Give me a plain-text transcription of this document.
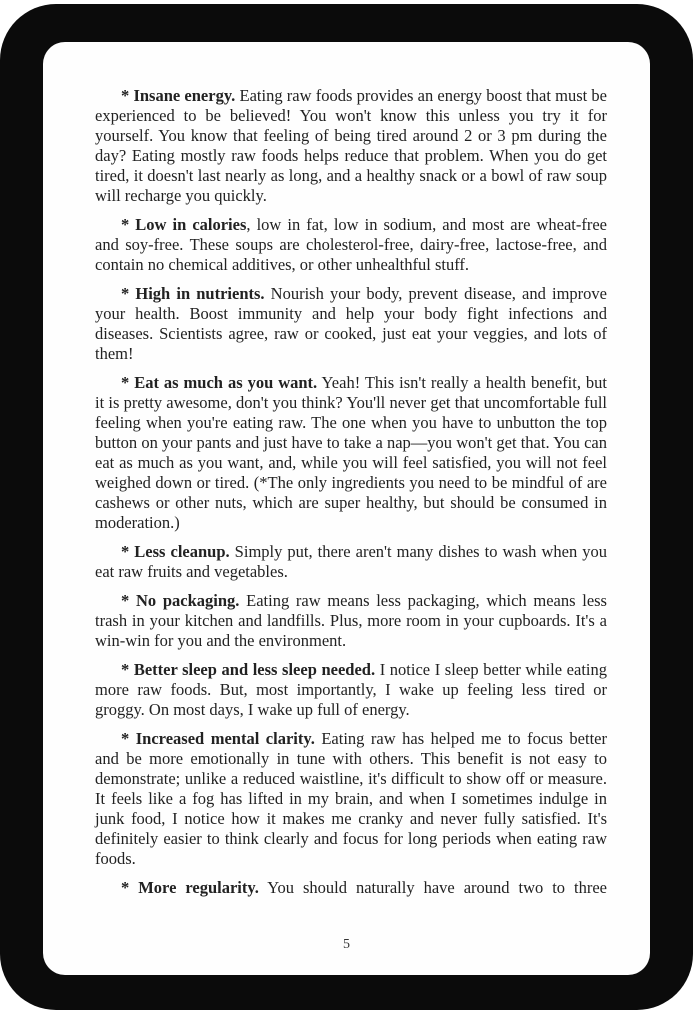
* Insane energy. Eating raw foods provides an energy boost that must be experienced to be believed! You won't know this unless you try it for yourself. You know that feeling of being tired around 2 or 3 pm during the day? Eating mostly raw foods helps reduce that problem. When you do get tired, it doesn't last nearly as long, and a healthy snack or a bowl of raw soup will recharge you quickly.

* Low in calories, low in fat, low in sodium, and most are wheat-free and soy-free. These soups are cholesterol-free, dairy-free, lactose-free, and contain no chemical additives, or other unhealthful stuff.

* High in nutrients. Nourish your body, prevent disease, and improve your health. Boost immunity and help your body fight infections and diseases. Scientists agree, raw or cooked, just eat your veggies, and lots of them!

* Eat as much as you want. Yeah! This isn't really a health benefit, but it is pretty awesome, don't you think? You'll never get that uncomfortable full feeling when you're eating raw. The one when you have to unbutton the top button on your pants and just have to take a nap—you won't get that. You can eat as much as you want, and, while you will feel satisfied, you will not feel weighed down or tired. (*The only ingredients you need to be mindful of are cashews or other nuts, which are super healthy, but should be consumed in moderation.)

* Less cleanup. Simply put, there aren't many dishes to wash when you eat raw fruits and vegetables.

* No packaging. Eating raw means less packaging, which means less trash in your kitchen and landfills. Plus, more room in your cupboards. It's a win-win for you and the environment.

* Better sleep and less sleep needed. I notice I sleep better while eating more raw foods. But, most importantly, I wake up feeling less tired or groggy. On most days, I wake up full of energy.

* Increased mental clarity. Eating raw has helped me to focus better and be more emotionally in tune with others. This benefit is not easy to demonstrate; unlike a reduced waistline, it's difficult to show off or measure. It feels like a fog has lifted in my brain, and when I sometimes indulge in junk food, I notice how it makes me cranky and never fully satisfied. It's definitely easier to think clearly and focus for long periods when eating raw foods.

* More regularity. You should naturally have around two to three

5
